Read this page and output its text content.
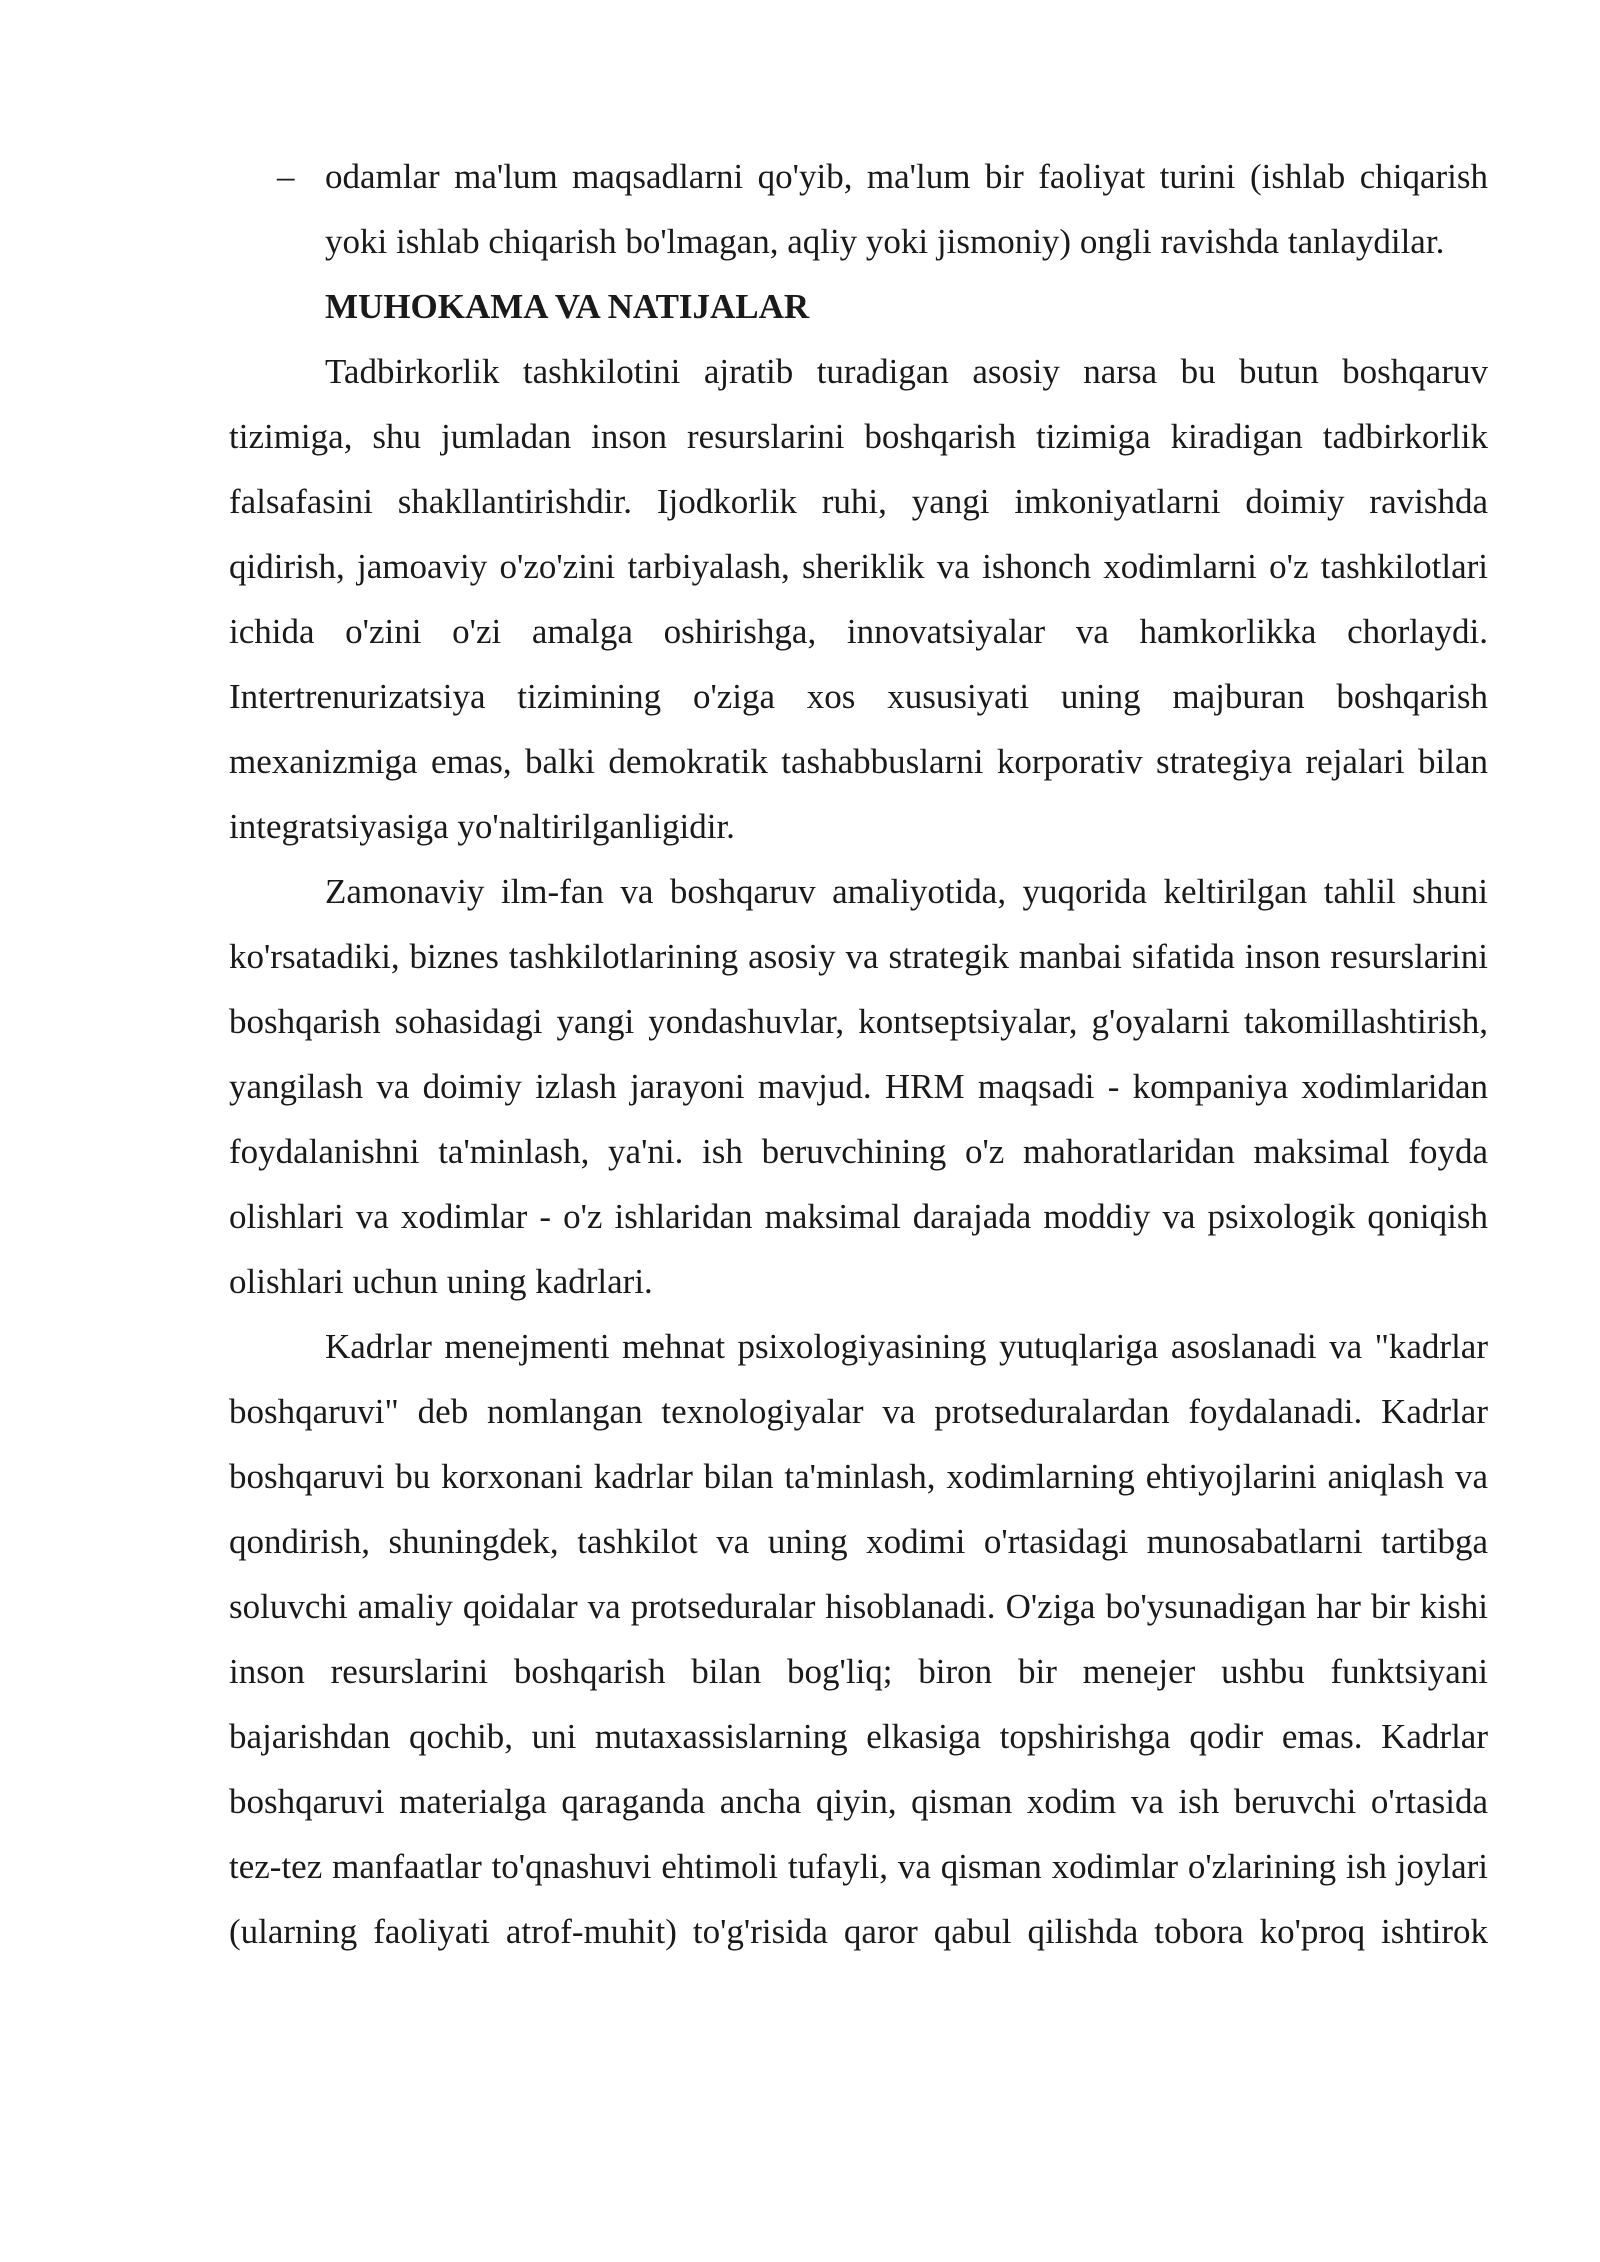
– odamlar ma'lum maqsadlarni qo'yib, ma'lum bir faoliyat turini (ishlab chiqarish yoki ishlab chiqarish bo'lmagan, aqliy yoki jismoniy) ongli ravishda tanlaydilar.

MUHOKAMA VA NATIJALAR

Tadbirkorlik tashkilotini ajratib turadigan asosiy narsa bu butun boshqaruv tizimiga, shu jumladan inson resurslarini boshqarish tizimiga kiradigan tadbirkorlik falsafasini shakllantirishdir. Ijodkorlik ruhi, yangi imkoniyatlarni doimiy ravishda qidirish, jamoaviy o'zo'zini tarbiyalash, sheriklik va ishonch xodimlarni o'z tashkilotlari ichida o'zini o'zi amalga oshirishga, innovatsiyalar va hamkorlikka chorlaydi. Intertrenurizatsiya tizimining o'ziga xos xususiyati uning majburan boshqarish mexanizmiga emas, balki demokratik tashabbuslarni korporativ strategiya rejalari bilan integratsiyasiga yo'naltirilganligidir.

Zamonaviy ilm-fan va boshqaruv amaliyotida, yuqorida keltirilgan tahlil shuni ko'rsatadiki, biznes tashkilotlarining asosiy va strategik manbai sifatida inson resurslarini boshqarish sohasidagi yangi yondashuvlar, kontseptsiyalar, g'oyalarni takomillashtirish, yangilash va doimiy izlash jarayoni mavjud. HRM maqsadi - kompaniya xodimlaridan foydalanishni ta'minlash, ya'ni. ish beruvchining o'z mahoratlaridan maksimal foyda olishlari va xodimlar - o'z ishlaridan maksimal darajada moddiy va psixologik qoniqish olishlari uchun uning kadrlari.

Kadrlar menejmenti mehnat psixologiyasining yutuqlariga asoslanadi va "kadrlar boshqaruvi" deb nomlangan texnologiyalar va protseduralardan foydalanadi. Kadrlar boshqaruvi bu korxonani kadrlar bilan ta'minlash, xodimlarning ehtiyojlarini aniqlash va qondirish, shuningdek, tashkilot va uning xodimi o'rtasidagi munosabatlarni tartibga soluvchi amaliy qoidalar va protseduralar hisoblanadi. O'ziga bo'ysunadigan har bir kishi inson resurslarini boshqarish bilan bog'liq; biron bir menejer ushbu funktsiyani bajarishdan qochib, uni mutaxassislarning elkasiga topshirishga qodir emas. Kadrlar boshqaruvi materialga qaraganda ancha qiyin, qisman xodim va ish beruvchi o'rtasida tez-tez manfaatlar to'qnashuvi ehtimoli tufayli, va qisman xodimlar o'zlarining ish joylari (ularning faoliyati atrof-muhit) to'g'risida qaror qabul qilishda tobora ko'proq ishtirok
